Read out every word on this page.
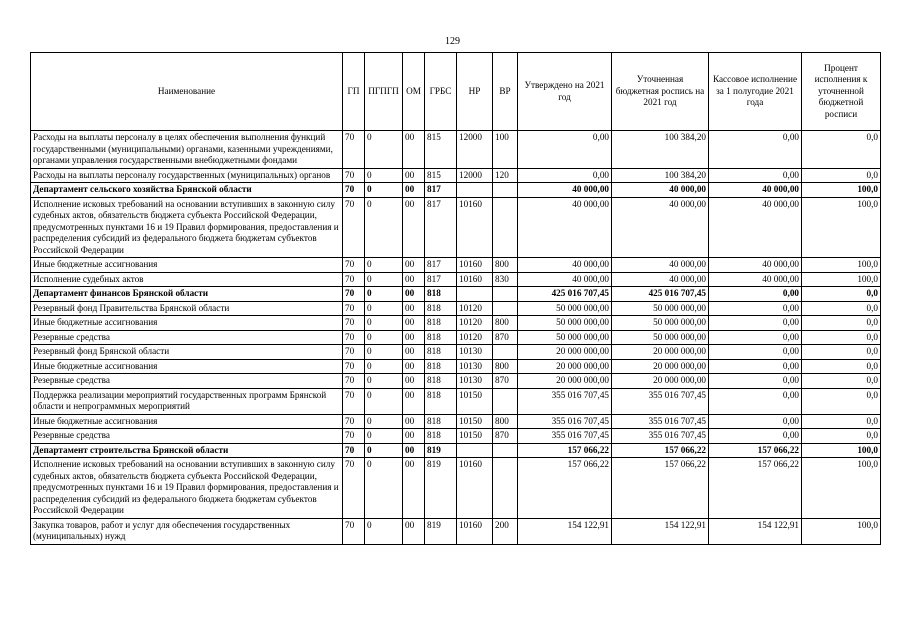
129
Наименование	ГП	ПГПГП	ОМ	ГРБС	НР	ВР	Утверждено на 2021 год	Уточненная бюджетная роспись на 2021 год	Кассовое исполнение за 1 полугодие 2021 года	Процент исполнения к уточненной бюджетной росписи
Расходы на выплаты персоналу в целях обеспечения выполнения функций государственными (муниципальными) органами, казенными учреждениями, органами управления государственными внебюджетными фондами	70	0	00	815	12000	100	0,00	100 384,20	0,00	0,0
Расходы на выплаты персоналу государственных (муниципальных) органов	70	0	00	815	12000	120	0,00	100 384,20	0,00	0,0
Департамент сельского хозяйства Брянской области	70	0	00	817			40 000,00	40 000,00	40 000,00	100,0
Исполнение исковых требований на основании вступивших в законную силу судебных актов, обязательств бюджета субъекта Российской Федерации, предусмотренных пунктами 16 и 19 Правил формирования, предоставления и распределения субсидий из федерального бюджета бюджетам субъектов Российской Федерации	70	0	00	817	10160		40 000,00	40 000,00	40 000,00	100,0
Иные бюджетные ассигнования	70	0	00	817	10160	800	40 000,00	40 000,00	40 000,00	100,0
Исполнение судебных актов	70	0	00	817	10160	830	40 000,00	40 000,00	40 000,00	100,0
Департамент финансов Брянской области	70	0	00	818			425 016 707,45	425 016 707,45	0,00	0,0
Резервный фонд Правительства Брянской области	70	0	00	818	10120		50 000 000,00	50 000 000,00	0,00	0,0
Иные бюджетные ассигнования	70	0	00	818	10120	800	50 000 000,00	50 000 000,00	0,00	0,0
Резервные средства	70	0	00	818	10120	870	50 000 000,00	50 000 000,00	0,00	0,0
Резервный фонд Брянской области	70	0	00	818	10130		20 000 000,00	20 000 000,00	0,00	0,0
Иные бюджетные ассигнования	70	0	00	818	10130	800	20 000 000,00	20 000 000,00	0,00	0,0
Резервные средства	70	0	00	818	10130	870	20 000 000,00	20 000 000,00	0,00	0,0
Поддержка реализации мероприятий государственных программ Брянской области и непрограммных мероприятий	70	0	00	818	10150		355 016 707,45	355 016 707,45	0,00	0,0
Иные бюджетные ассигнования	70	0	00	818	10150	800	355 016 707,45	355 016 707,45	0,00	0,0
Резервные средства	70	0	00	818	10150	870	355 016 707,45	355 016 707,45	0,00	0,0
Департамент строительства Брянской области	70	0	00	819			157 066,22	157 066,22	157 066,22	100,0
Исполнение исковых требований на основании вступивших в законную силу судебных актов, обязательств бюджета субъекта Российской Федерации, предусмотренных пунктами 16 и 19 Правил формирования, предоставления и распределения субсидий из федерального бюджета бюджетам субъектов Российской Федерации	70	0	00	819	10160		157 066,22	157 066,22	157 066,22	100,0
Закупка товаров, работ и услуг для обеспечения государственных (муниципальных) нужд	70	0	00	819	10160	200	154 122,91	154 122,91	154 122,91	100,0
